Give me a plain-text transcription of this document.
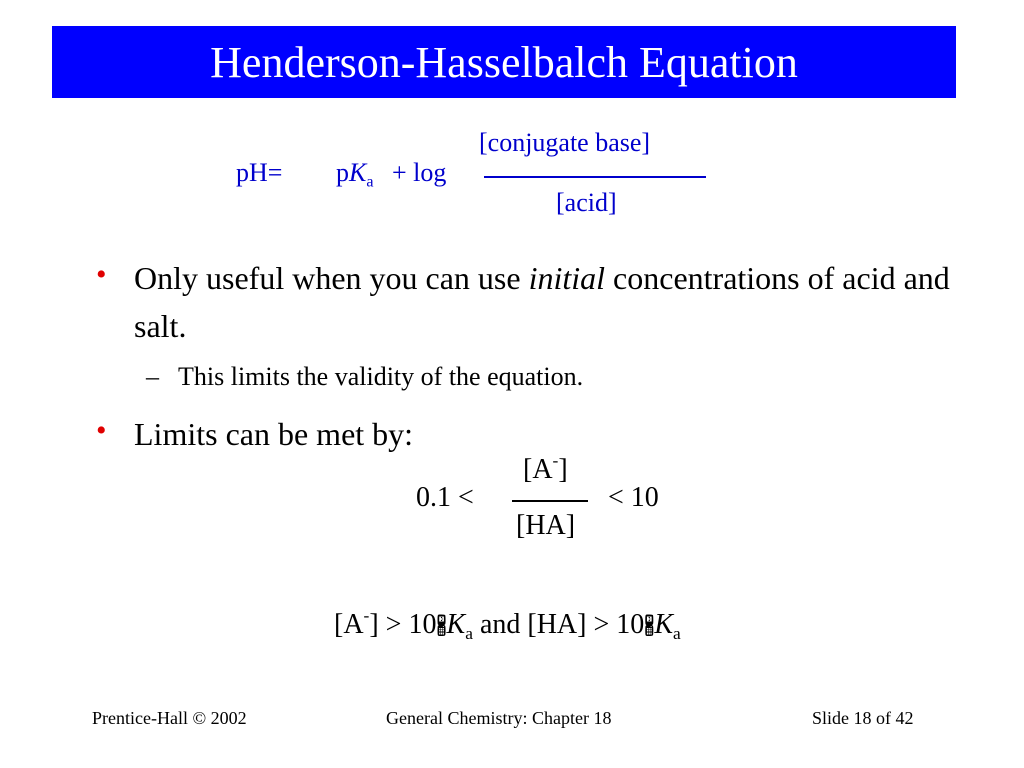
Henderson-Hasselbalch Equation
$pH= pK_a + \log$
[conjugate base]
[acid]
• Only useful when you can use initial concentrations of acid and salt.
– This limits the validity of the equation.
• Limits can be met by:
0.1 <
[A-]
[HA]
< 10
$[A^-] > 10🖁K_a$ and $[HA] > 10🖁K_a$
Prentice-Hall © 2002	General Chemistry: Chapter 18	Slide 18 of 42
